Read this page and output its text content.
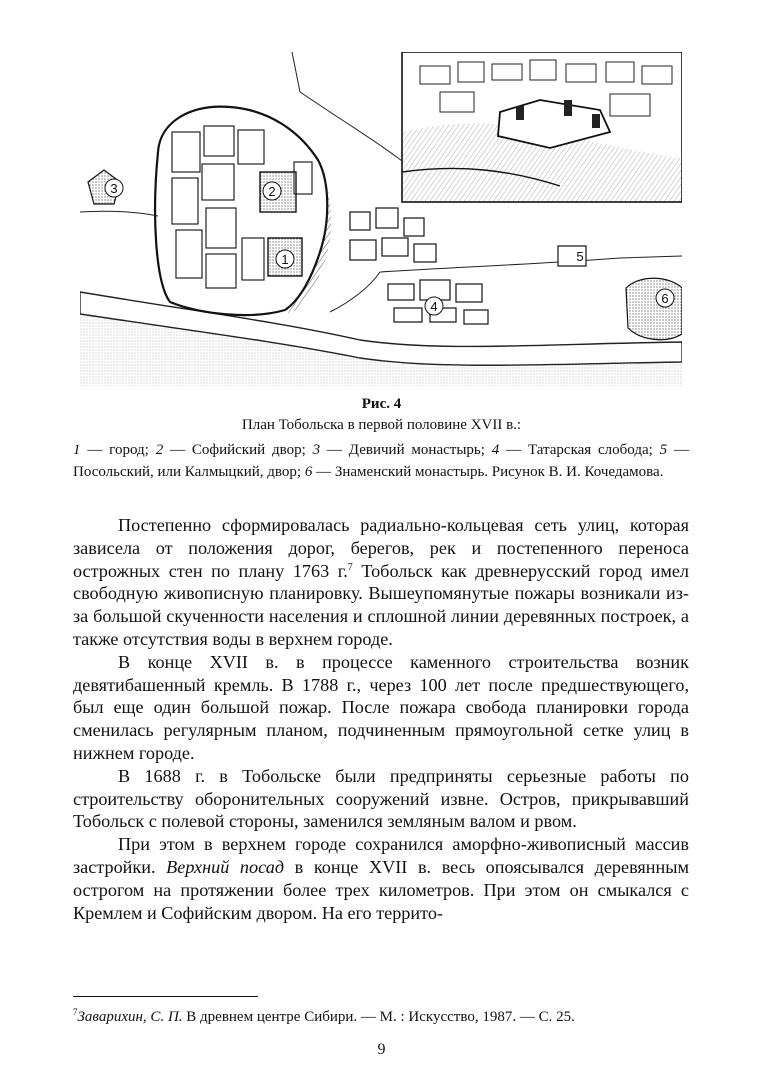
1
2
3
4
5
6
Рис. 4
План Тобольска в первой половине XVII в.:

1 — город; 2 — Софийский двор; 3 — Девичий монастырь; 4 — Татарская слобода; 5 — Посольский, или Калмыцкий, двор; 6 — Знаменский монастырь. Рисунок В. И. Кочедамова.

Постепенно сформировалась радиально-кольцевая сеть улиц, которая зависела от положения дорог, берегов, рек и постепенного переноса острожных стен по плану 1763 г.$^7$ Тобольск как древнерусский город имел свободную живописную планировку. Вышеупомянутые пожары возникали из-за большой скученности населения и сплошной линии деревянных построек, а также отсутствия воды в верхнем городе.

В конце XVII в. в процессе каменного строительства возник девятибашенный кремль. В 1788 г., через 100 лет после предшествующего, был еще один большой пожар. После пожара свобода планировки города сменилась регулярным планом, подчиненным прямоугольной сетке улиц в нижнем городе.

В 1688 г. в Тобольске были предприняты серьезные работы по строительству оборонительных сооружений извне. Остров, прикрывавший Тобольск с полевой стороны, заменился земляным валом и рвом.

При этом в верхнем городе сохранился аморфно-живописный массив застройки. Верхний посад в конце XVII в. весь опоясывался деревянным острогом на протяжении более трех километров. При этом он смыкался с Кремлем и Софийским двором. На его террито-

$^7$Заварихин, С. П. В древнем центре Сибири. — М. : Искусство, 1987. — С. 25.

9
